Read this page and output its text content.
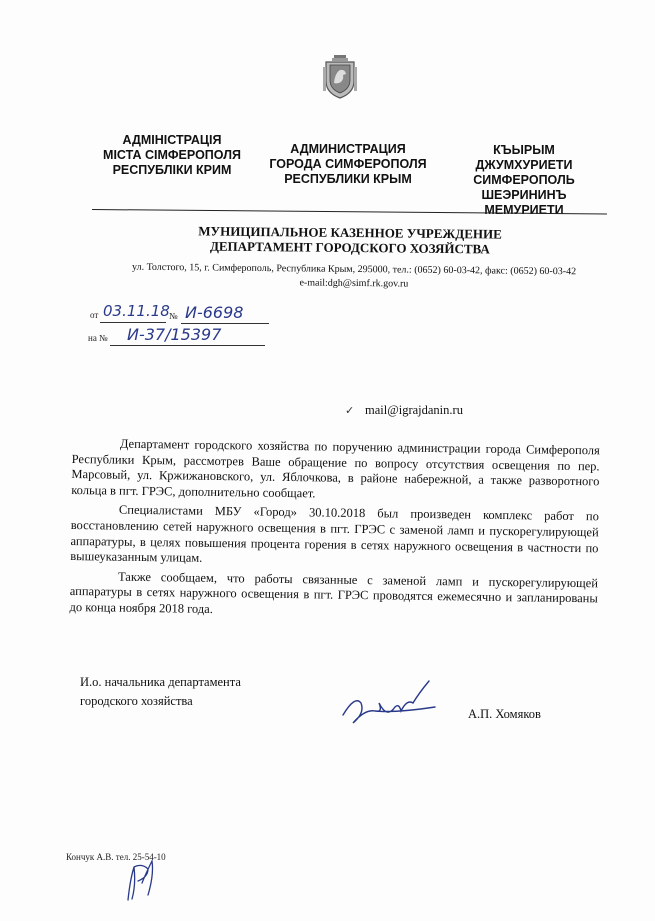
АДМІНІСТРАЦІЯ
МІСТА СІМФЕРОПОЛЯ
РЕСПУБЛІКИ КРИМ
АДМИНИСТРАЦИЯ
ГОРОДА СИМФЕРОПОЛЯ
РЕСПУБЛИКИ КРЫМ
КЪЫРЫМ
ДЖУМХУРИЕТИ
СИМФЕРОПОЛЬ
ШЕЭРИНИНЪ
МЕМУРИЕТИ
МУНИЦИПАЛЬНОЕ КАЗЕННОЕ УЧРЕЖДЕНИЕ
ДЕПАРТАМЕНТ ГОРОДСКОГО ХОЗЯЙСТВА
ул. Толстого, 15, г. Симферополь, Республика Крым, 295000, тел.: (0652) 60-03-42, факс: (0652) 60-03-42
e-mail:dgh@simf.rk.gov.ru
от 03.11.18 № И-6698
на № И-37/15397
✓ mail@igrajdanin.ru

Департамент городского хозяйства по поручению администрации города Симферополя Республики Крым, рассмотрев Ваше обращение по вопросу отсутствия освещения по пер. Марсовый, ул. Кржижановского, ул. Яблочкова, в районе набережной, а также разворотного кольца в пгт. ГРЭС, дополнительно сообщает.

Специалистами МБУ «Город» 30.10.2018 был произведен комплекс работ по восстановлению сетей наружного освещения в пгт. ГРЭС с заменой ламп и пускорегулирующей аппаратуры, в целях повышения процента горения в сетях наружного освещения в частности по вышеуказанным улицам.

Также сообщаем, что работы связанные с заменой ламп и пускорегулирующей аппаратуры в сетях наружного освещения в пгт. ГРЭС проводятся ежемесячно и запланированы до конца ноября 2018 года.

И.о. начальника департамента
городского хозяйства
А.П. Хомяков
Кончук А.В. тел. 25-54-10
